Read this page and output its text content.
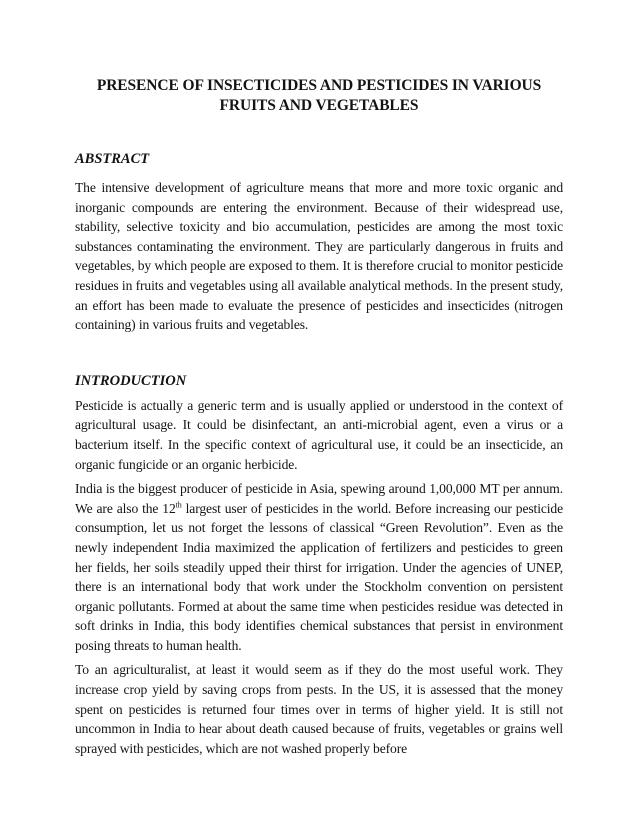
PRESENCE OF INSECTICIDES AND PESTICIDES IN VARIOUS
FRUITS AND VEGETABLES
ABSTRACT

The intensive development of agriculture means that more and more toxic organic and inorganic compounds are entering the environment. Because of their widespread use, stability, selective toxicity and bio accumulation, pesticides are among the most toxic substances contaminating the environment. They are particularly dangerous in fruits and vegetables, by which people are exposed to them. It is therefore crucial to monitor pesticide residues in fruits and vegetables using all available analytical methods. In the present study, an effort has been made to evaluate the presence of pesticides and insecticides (nitrogen containing) in various fruits and vegetables.

INTRODUCTION

Pesticide is actually a generic term and is usually applied or understood in the context of agricultural usage. It could be disinfectant, an anti-microbial agent, even a virus or a bacterium itself. In the specific context of agricultural use, it could be an insecticide, an organic fungicide or an organic herbicide.

India is the biggest producer of pesticide in Asia, spewing around 1,00,000 MT per annum. We are also the 12th largest user of pesticides in the world. Before increasing our pesticide consumption, let us not forget the lessons of classical “Green Revolution”. Even as the newly independent India maximized the application of fertilizers and pesticides to green her fields, her soils steadily upped their thirst for irrigation. Under the agencies of UNEP, there is an international body that work under the Stockholm convention on persistent organic pollutants. Formed at about the same time when pesticides residue was detected in soft drinks in India, this body identifies chemical substances that persist in environment posing threats to human health.

To an agriculturalist, at least it would seem as if they do the most useful work. They increase crop yield by saving crops from pests. In the US, it is assessed that the money spent on pesticides is returned four times over in terms of higher yield. It is still not uncommon in India to hear about death caused because of fruits, vegetables or grains well sprayed with pesticides, which are not washed properly before
